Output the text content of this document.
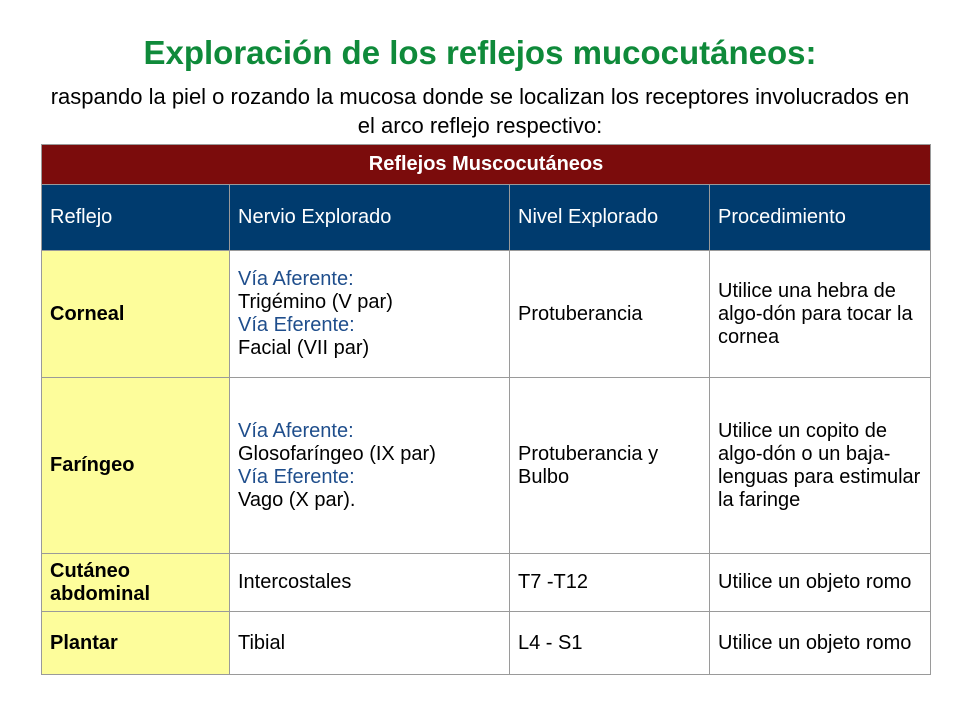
Exploración de los reflejos mucocutáneos:
raspando la piel o rozando la mucosa donde se localizan los receptores involucrados en el arco reflejo respectivo:
Reflejos Muscocutáneos			
Reflejo	Nervio Explorado	Nivel Explorado	Procedimiento
Corneal	Vía Aferente:
Trigémino (V par)
Vía Eferente:
Facial (VII par)	Protuberancia	Utilice una hebra de algo-dón para tocar la cornea
Faríngeo	Vía Aferente:
Glosofaríngeo (IX par)
Vía Eferente:
Vago (X par).	Protuberancia y Bulbo	Utilice un copito de algo-dón o un baja-lenguas para estimular la faringe
Cutáneo abdominal	Intercostales	T7 -T12	Utilice un objeto romo
Plantar	Tibial	L4 - S1	Utilice un objeto romo
